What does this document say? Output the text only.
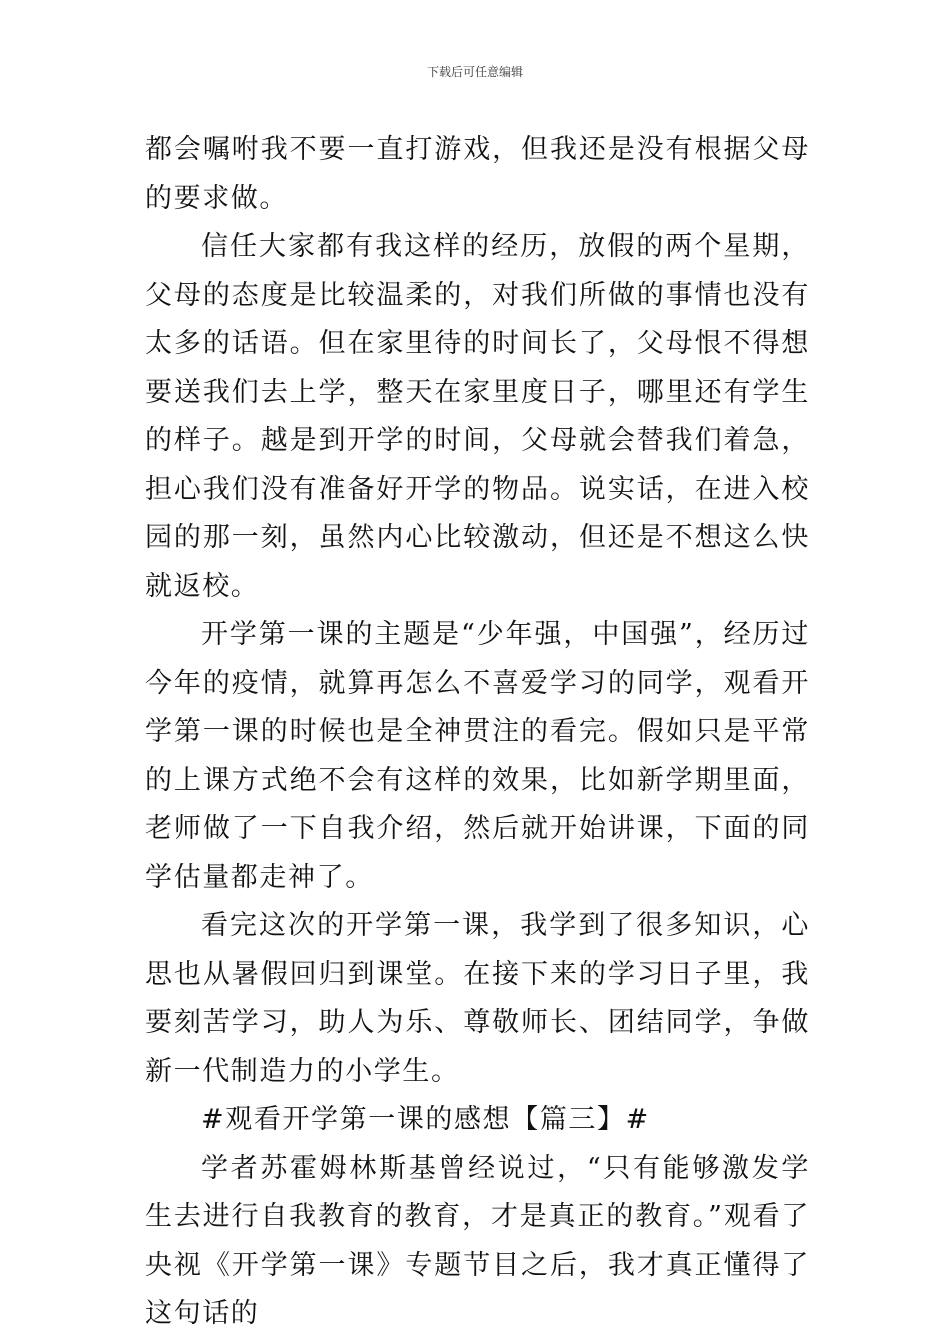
下载后可任意编辑

都会嘱咐我不要一直打游戏，但我还是没有根据父母的要求做。

信任大家都有我这样的经历，放假的两个星期，父母的态度是比较温柔的，对我们所做的事情也没有太多的话语。但在家里待的时间长了，父母恨不得想要送我们去上学，整天在家里度日子，哪里还有学生的样子。越是到开学的时间，父母就会替我们着急，担心我们没有准备好开学的物品。说实话，在进入校园的那一刻，虽然内心比较激动，但还是不想这么快就返校。

开学第一课的主题是“少年强，中国强”，经历过今年的疫情，就算再怎么不喜爱学习的同学，观看开学第一课的时候也是全神贯注的看完。假如只是平常的上课方式绝不会有这样的效果，比如新学期里面，老师做了一下自我介绍，然后就开始讲课，下面的同学估量都走神了。

看完这次的开学第一课，我学到了很多知识，心思也从暑假回归到课堂。在接下来的学习日子里，我要刻苦学习，助人为乐、尊敬师长、团结同学，争做新一代制造力的小学生。

#观看开学第一课的感想【篇三】#

学者苏霍姆林斯基曾经说过，“只有能够激发学生去进行自我教育的教育，才是真正的教育。”观看了央视《开学第一课》专题节目之后，我才真正懂得了这句话的
